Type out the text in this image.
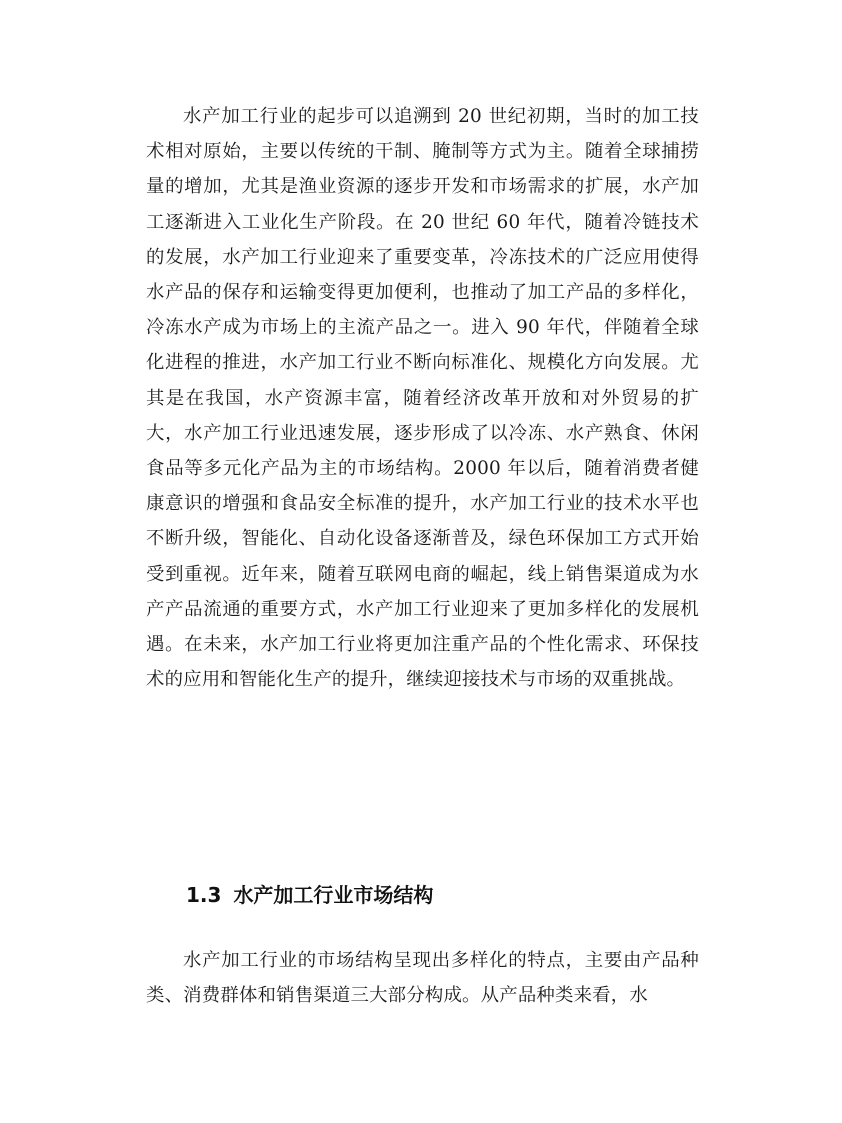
水产加工行业的起步可以追溯到 20 世纪初期，当时的加工技术相对原始，主要以传统的干制、腌制等方式为主。随着全球捕捞量的增加，尤其是渔业资源的逐步开发和市场需求的扩展，水产加工逐渐进入工业化生产阶段。在 20 世纪 60 年代，随着冷链技术的发展，水产加工行业迎来了重要变革，冷冻技术的广泛应用使得水产品的保存和运输变得更加便利，也推动了加工产品的多样化，冷冻水产成为市场上的主流产品之一。进入 90 年代，伴随着全球化进程的推进，水产加工行业不断向标准化、规模化方向发展。尤其是在我国，水产资源丰富，随着经济改革开放和对外贸易的扩大，水产加工行业迅速发展，逐步形成了以冷冻、水产熟食、休闲食品等多元化产品为主的市场结构。2000 年以后，随着消费者健康意识的增强和食品安全标准的提升，水产加工行业的技术水平也不断升级，智能化、自动化设备逐渐普及，绿色环保加工方式开始受到重视。近年来，随着互联网电商的崛起，线上销售渠道成为水产产品流通的重要方式，水产加工行业迎来了更加多样化的发展机遇。在未来，水产加工行业将更加注重产品的个性化需求、环保技术的应用和智能化生产的提升，继续迎接技术与市场的双重挑战。

1.3 水产加工行业市场结构

水产加工行业的市场结构呈现出多样化的特点，主要由产品种类、消费群体和销售渠道三大部分构成。从产品种类来看，水
